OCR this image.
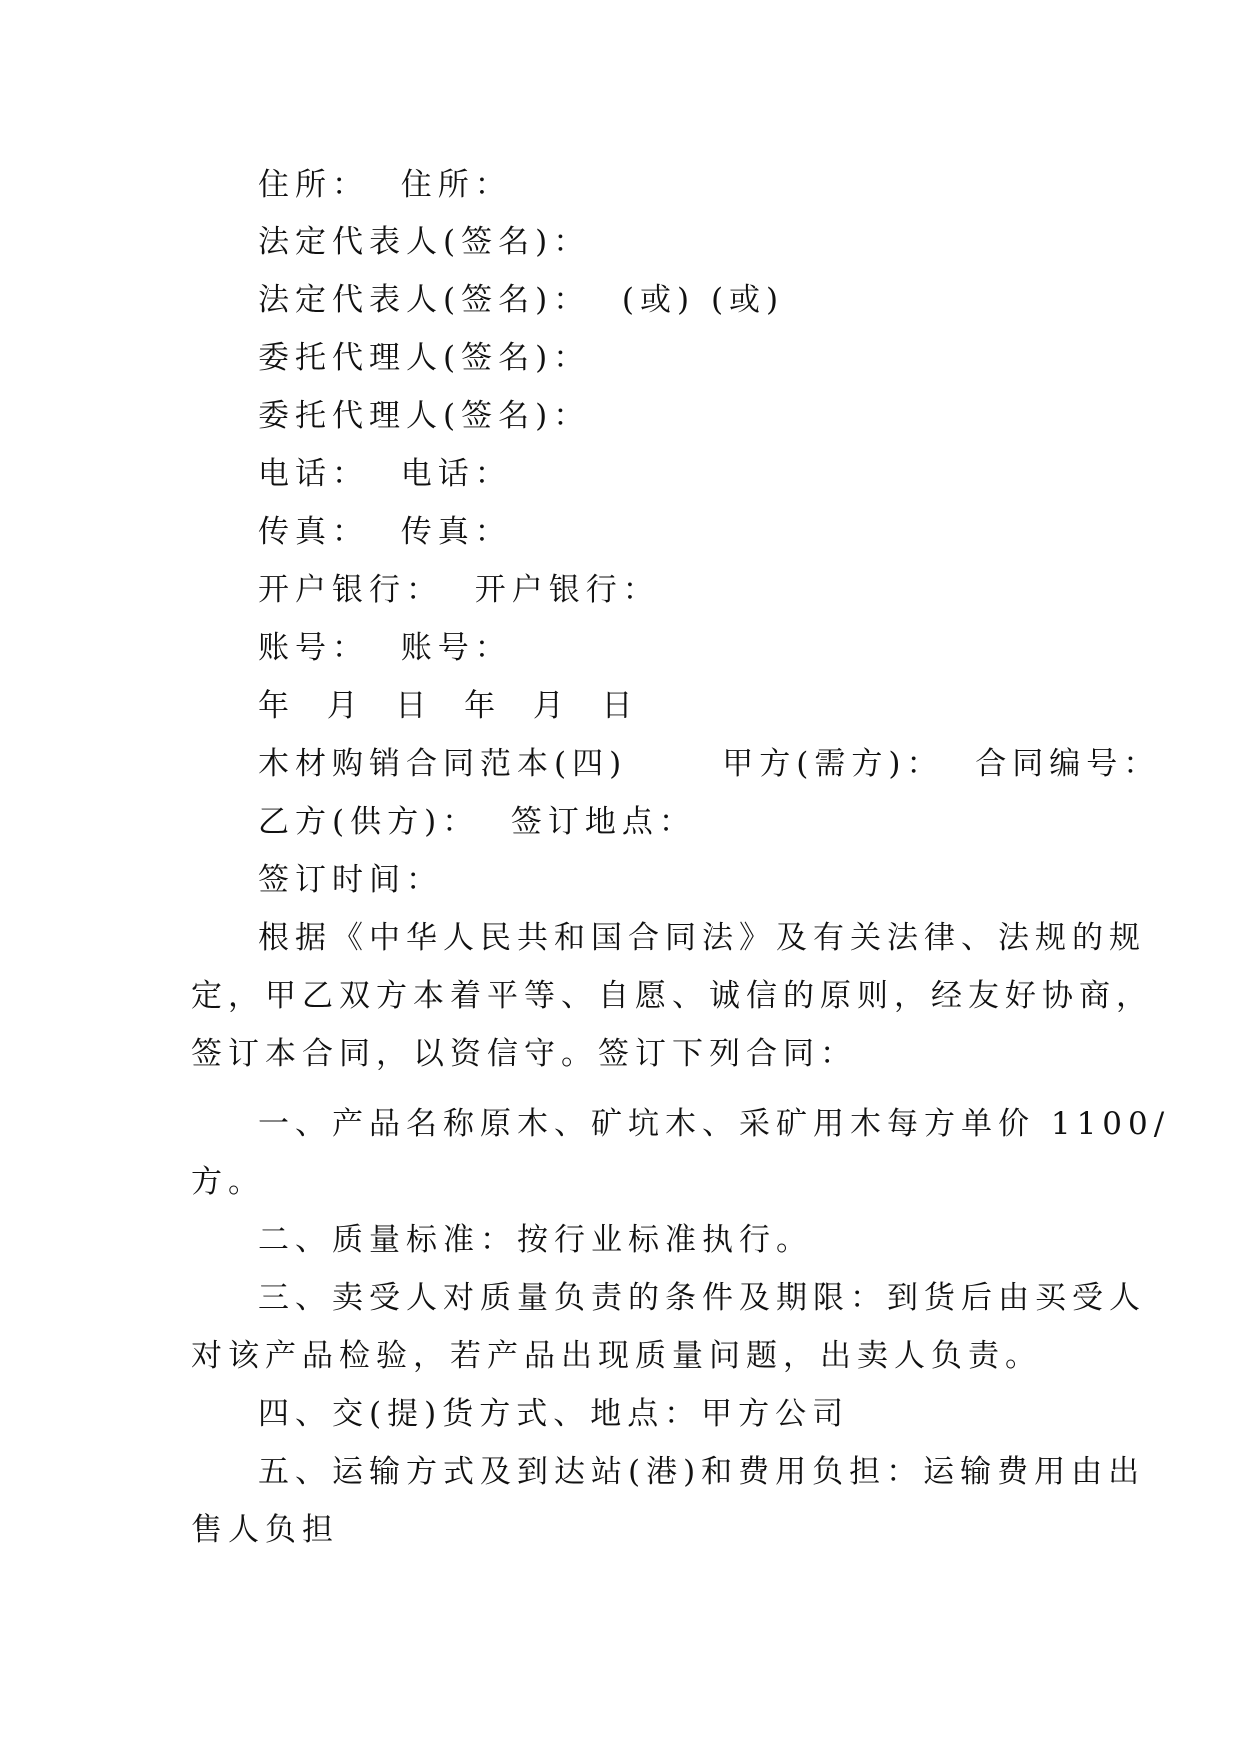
住所：  住所：
法定代表人(签名)：
法定代表人(签名)：  (或) (或)
委托代理人(签名)：
委托代理人(签名)：
电话：  电话：
传真：  传真：
开户银行：  开户银行：
账号：  账号：
年  月  日  年  月  日
木材购销合同范本(四)      甲方(需方)：  合同编号：
乙方(供方)：  签订地点：
签订时间：
根据《中华人民共和国合同法》及有关法律、法规的规
定，甲乙双方本着平等、自愿、诚信的原则，经友好协商，
签订本合同，以资信守。签订下列合同：
一、产品名称原木、矿坑木、采矿用木每方单价 1100/
方。
二、质量标准：按行业标准执行。
三、卖受人对质量负责的条件及期限：到货后由买受人
对该产品检验，若产品出现质量问题，出卖人负责。
四、交(提)货方式、地点：甲方公司
五、运输方式及到达站(港)和费用负担：运输费用由出
售人负担
